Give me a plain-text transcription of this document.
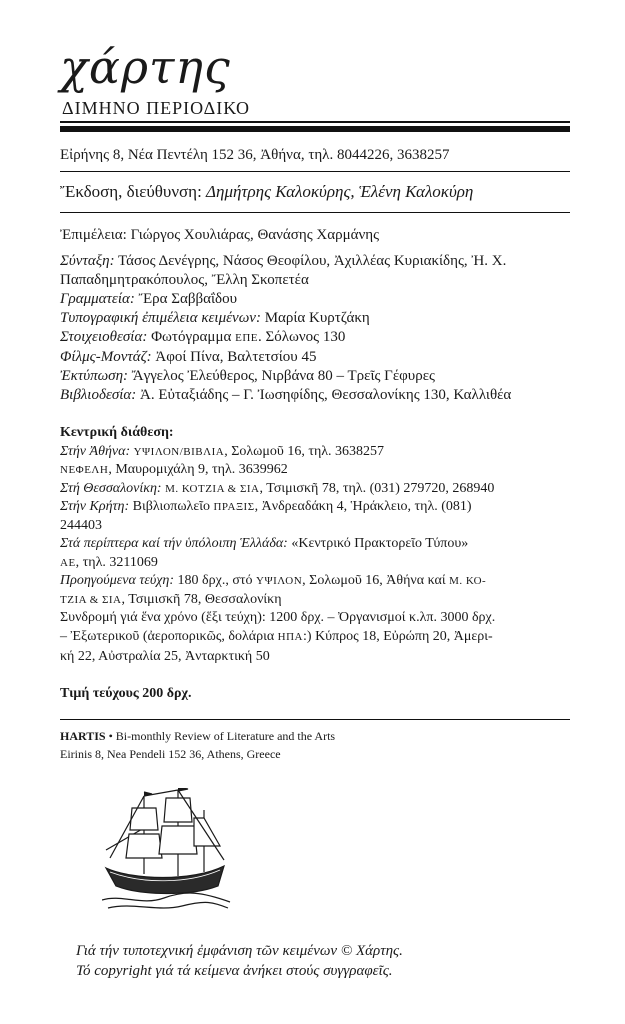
χάρτης
ΔΙΜΗΝΟ ΠΕΡΙΟΔΙΚΟ
Εἰρήνης 8, Νέα Πεντέλη 152 36, Ἀθήνα, τηλ. 8044226, 3638257
Ἔκδοση, διεύθυνση: Δημήτρης Καλοκύρης, Ἑλένη Καλοκύρη
Ἐπιμέλεια: Γιώργος Χουλιάρας, Θανάσης Χαρμάνης
Σύνταξη: Τάσος Δενέγρης, Νάσος Θεοφίλου, Ἀχιλλέας Κυριακίδης, Ἠ. Χ.
Παπαδημητρακόπουλος, Ἔλλη Σκοπετέα
Γραμματεία: Ἔρα Σαββαΐδου
Τυπογραφική ἐπιμέλεια κειμένων: Μαρία Κυρτζάκη
Στοιχειοθεσία: Φωτόγραμμα ΕΠΕ. Σόλωνος 130
Φίλμς-Μοντάζ: Ἀφοί Πίνα, Βαλτετσίου 45
Ἐκτύπωση: Ἄγγελος Ἐλεύθερος, Νιρβάνα 80 – Τρεῖς Γέφυρες
Βιβλιοδεσία: Ἀ. Εὐταξιάδης – Γ. Ἰωσηφίδης, Θεσσαλονίκης 130, Καλλιθέα
Κεντρική διάθεση:
Στήν Ἀθήνα: ΥΨΙΛΟΝ/ΒΙΒΛΙΑ, Σολωμοῦ 16, τηλ. 3638257
ΝΕΦΕΛΗ, Μαυρομιχάλη 9, τηλ. 3639962
Στή Θεσσαλονίκη: Μ. ΚΟΤΖΙΑ & ΣΙΑ, Τσιμισκῆ 78, τηλ. (031) 279720, 268940
Στήν Κρήτη: Βιβλιοπωλεῖο ΠΡΑΞΙΣ, Ἀνδρεαδάκη 4, Ἡράκλειο, τηλ. (081)
244403
Στά περίπτερα καί τήν ὑπόλοιπη Ἑλλάδα: «Κεντρικό Πρακτορεῖο Τύπου»
ΑΕ, τηλ. 3211069
Προηγούμενα τεύχη: 180 δρχ., στό ΥΨΙΛΟΝ, Σολωμοῦ 16, Ἀθήνα καί Μ. ΚΟ-
ΤΖΙΑ & ΣΙΑ, Τσιμισκῆ 78, Θεσσαλονίκη
Συνδρομή γιά ἕνα χρόνο (ἕξι τεύχη): 1200 δρχ. – Ὀργανισμοί κ.λπ. 3000 δρχ.
– Ἐξωτερικοῦ (ἀεροπορικῶς, δολάρια ΗΠΑ:) Κύπρος 18, Εὐρώπη 20, Ἀμερι-
κή 22, Αὐστραλία 25, Ἀνταρκτική 50
Τιμή τεύχους 200 δρχ.
HARTIS • Bi-monthly Review of Literature and the Arts
Eirinis 8, Nea Pendeli 152 36, Athens, Greece
Γιά τήν τυποτεχνική ἐμφάνιση τῶν κειμένων © Χάρτης.
Τό copyright γιά τά κείμενα ἀνήκει στούς συγγραφεῖς.
